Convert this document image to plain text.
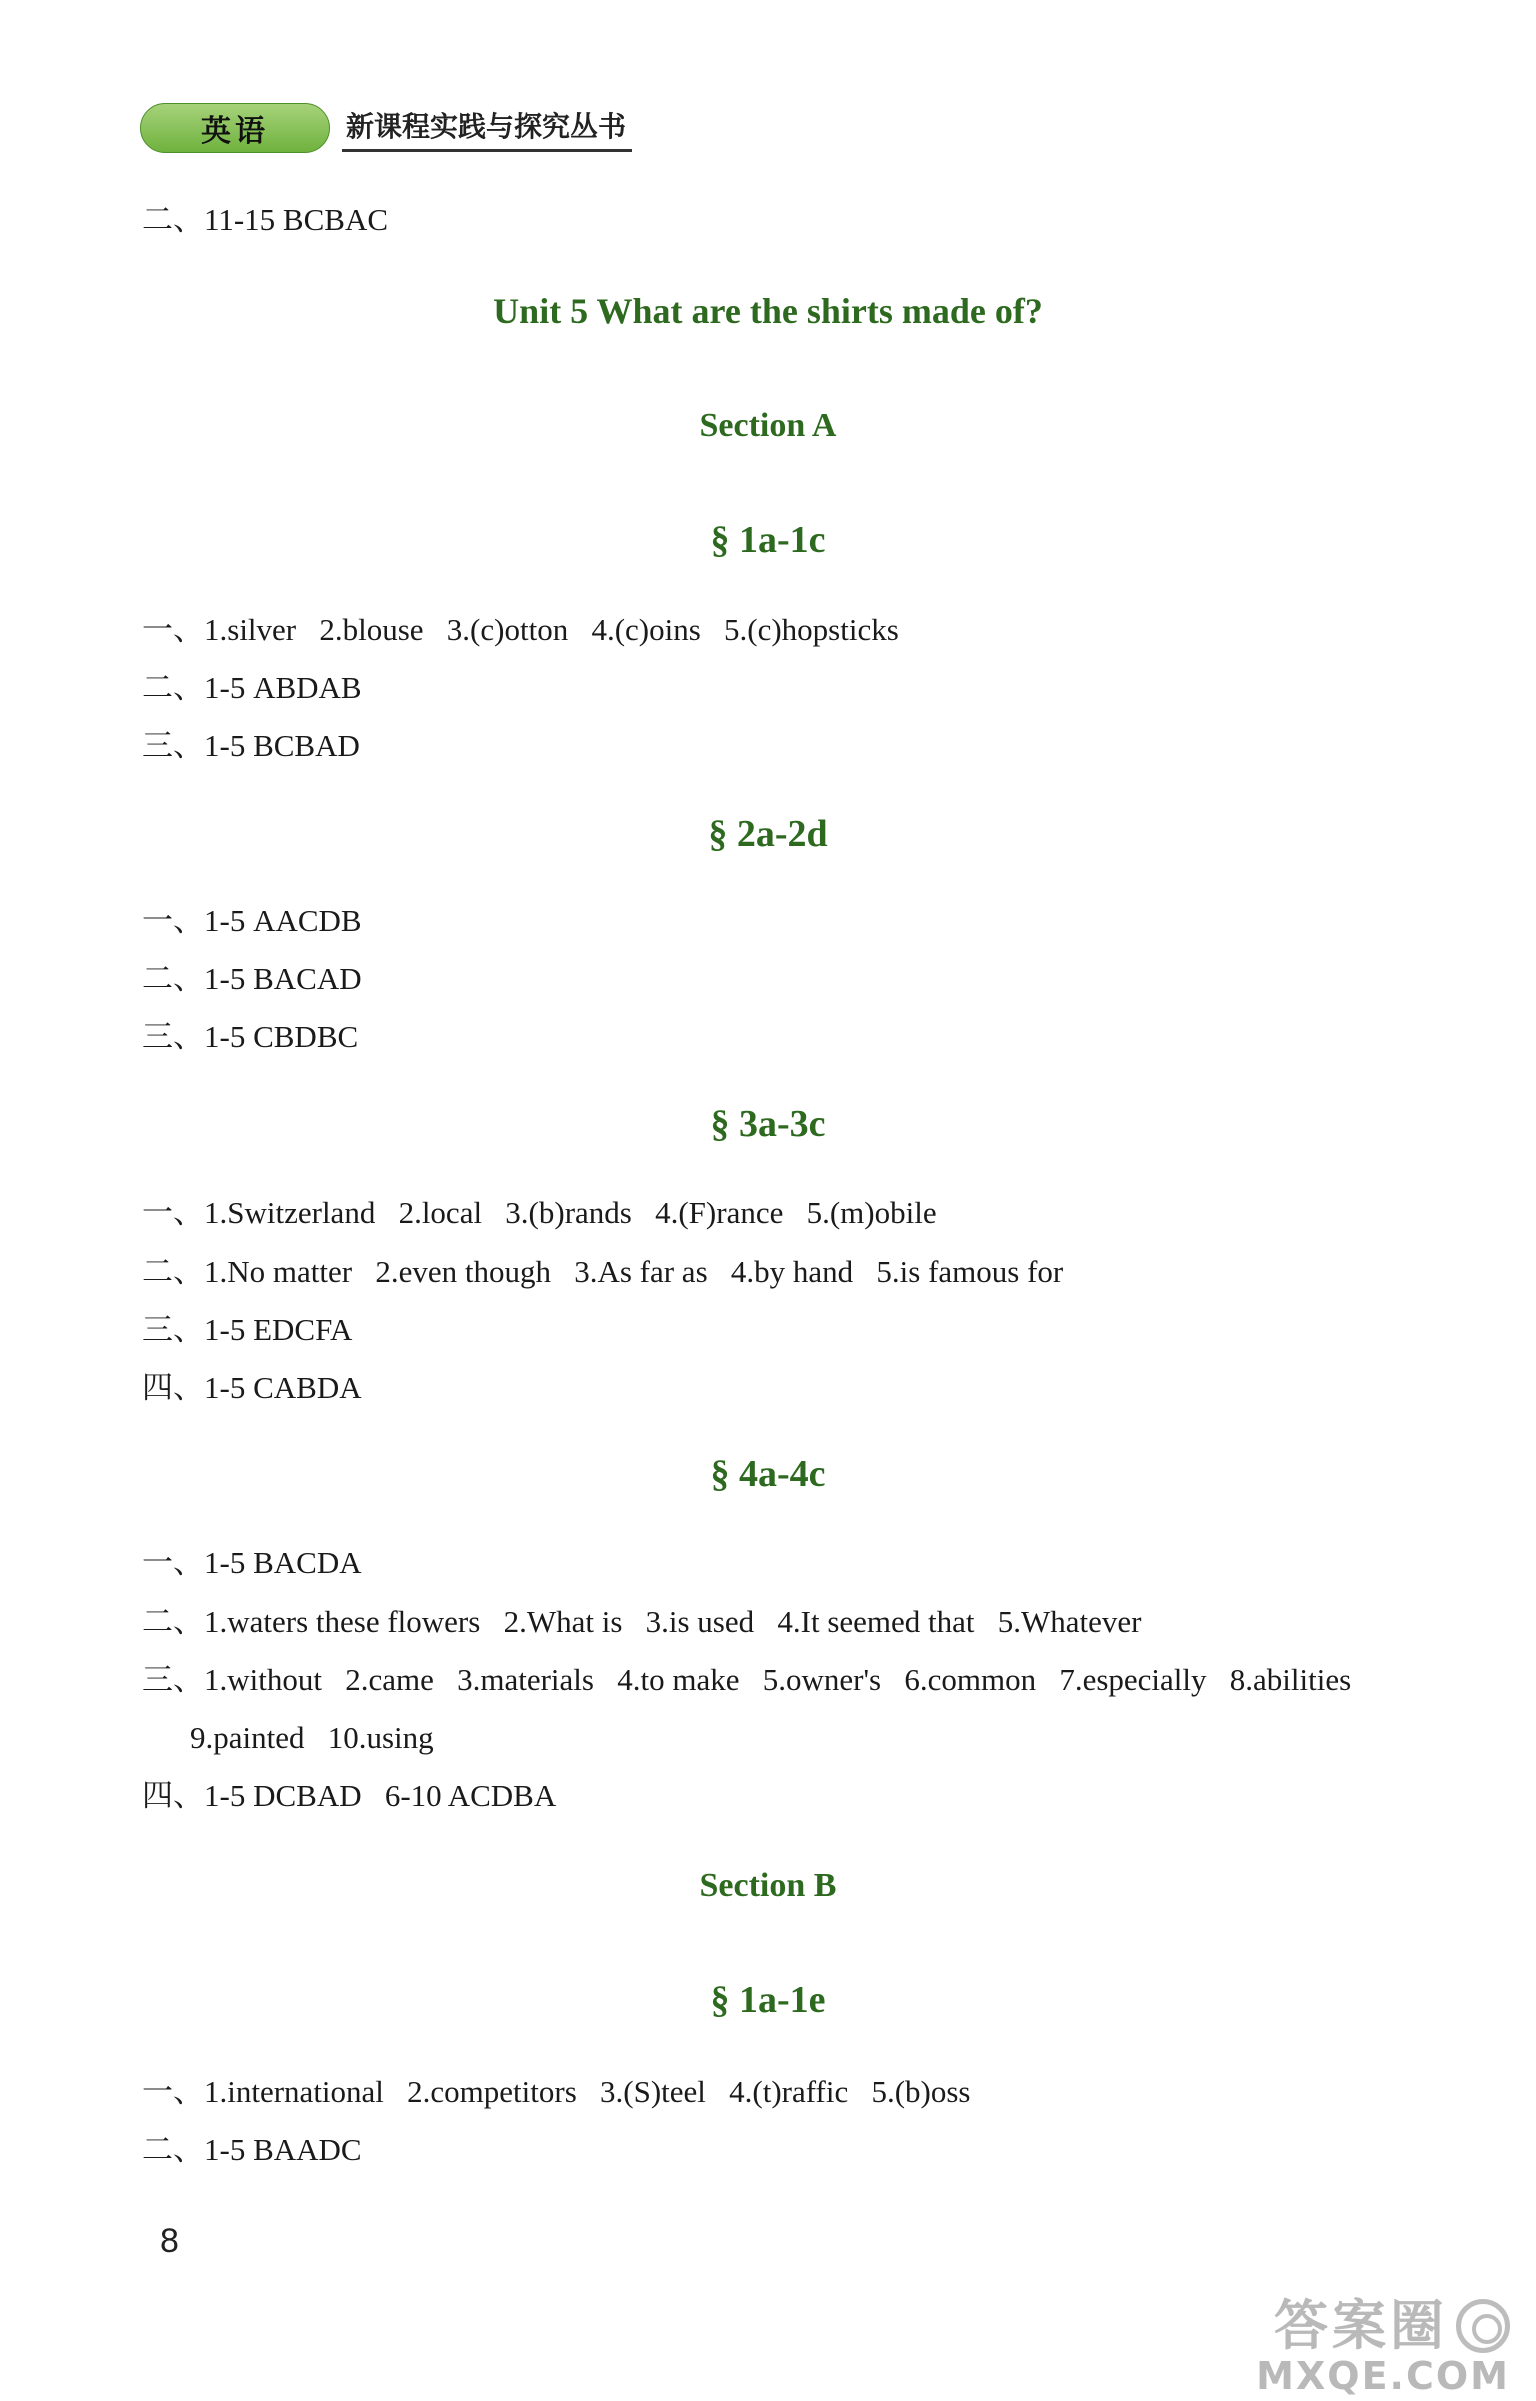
英语	新课程实践与探究丛书
二、11-15 BCBAC
Unit 5 What are the shirts made of?
Section A
§ 1a-1c
一、1.silver   2.blouse   3.(c)otton   4.(c)oins   5.(c)hopsticks
二、1-5 ABDAB
三、1-5 BCBAD
§ 2a-2d
一、1-5 AACDB
二、1-5 BACAD
三、1-5 CBDBC
§ 3a-3c
一、1.Switzerland   2.local   3.(b)rands   4.(F)rance   5.(m)obile
二、1.No matter   2.even though   3.As far as   4.by hand   5.is famous for
三、1-5 EDCFA
四、1-5 CABDA
§ 4a-4c
一、1-5 BACDA
二、1.waters these flowers   2.What is   3.is used   4.It seemed that   5.Whatever
三、1.without   2.came   3.materials   4.to make   5.owner's   6.common   7.especially   8.abilities
9.painted   10.using
四、1-5 DCBAD   6-10 ACDBA
Section B
§ 1a-1e
一、1.international   2.competitors   3.(S)teel   4.(t)raffic   5.(b)oss
二、1-5 BAADC
8
答案圈
MXQE.COM
